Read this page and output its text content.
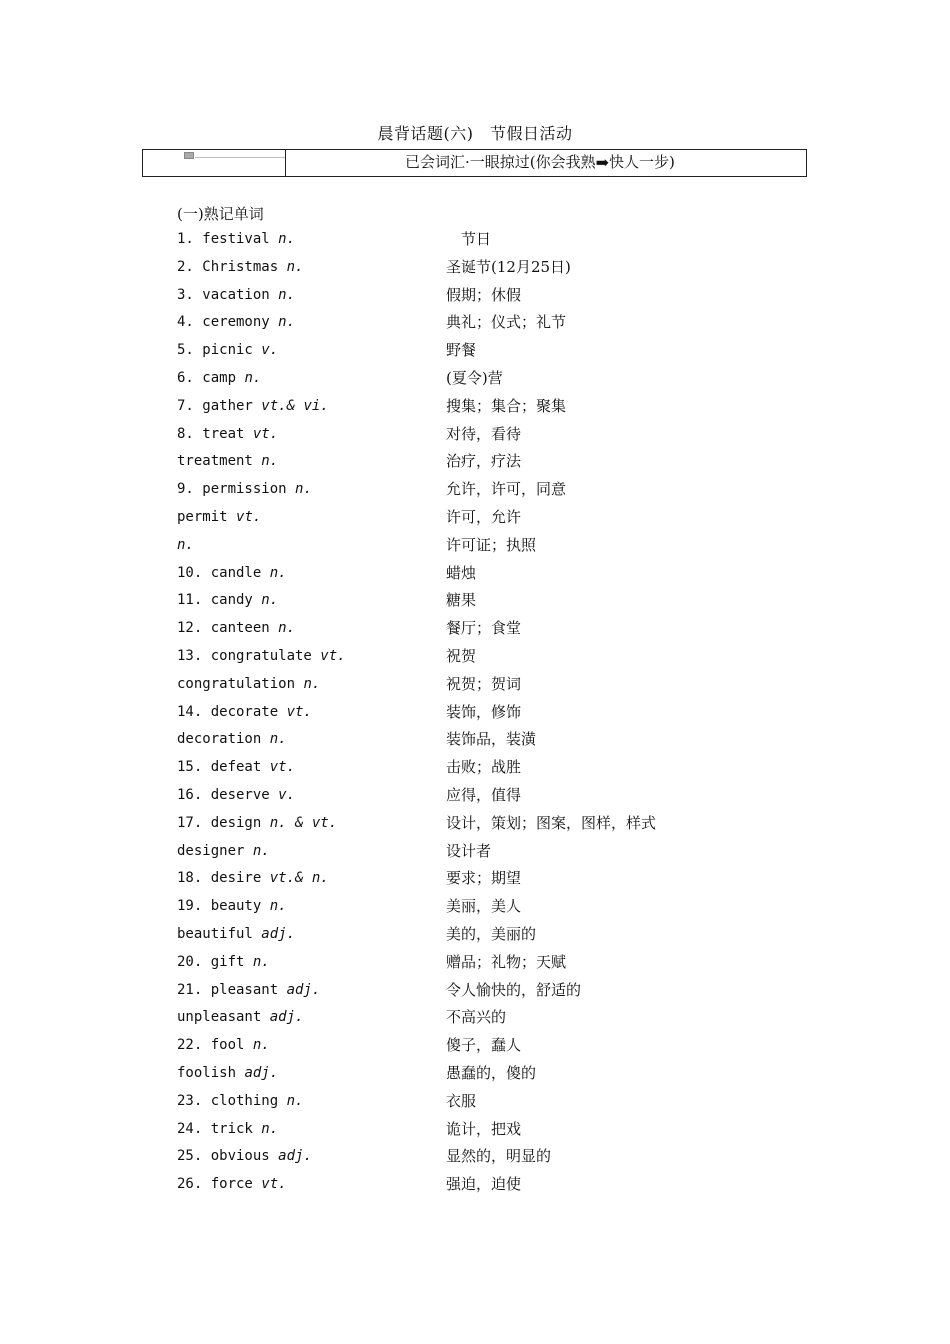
晨背话题(六)　节假日活动
已会词汇·一眼掠过(你会我熟➡快人一步)
(一)熟记单词
1. festival n.	　节日
2. Christmas n.	圣诞节(12月25日)
3. vacation n.	假期；休假
4. ceremony n.	典礼；仪式；礼节
5. picnic v.	野餐
6. camp n.	(夏令)营
7. gather vt.& vi.	搜集；集合；聚集
8. treat vt.	对待，看待
treatment n.	治疗，疗法
9. permission n.	允许，许可，同意
permit vt.	许可，允许
n.	许可证；执照
10. candle n.	蜡烛
11. candy n.	糖果
12. canteen n.	餐厅；食堂
13. congratulate vt.	祝贺
congratulation n.	祝贺；贺词
14. decorate vt.	装饰，修饰
decoration n.	装饰品，装潢
15. defeat vt.	击败；战胜
16. deserve v.	应得，值得
17. design n. & vt.	设计，策划；图案，图样，样式
designer n.	设计者
18. desire vt.& n.	要求；期望
19. beauty n.	美丽，美人
beautiful adj.	美的，美丽的
20. gift n.	赠品；礼物；天赋
21. pleasant adj.	令人愉快的，舒适的
unpleasant adj.	不高兴的
22. fool n.	傻子，蠢人
foolish adj.	愚蠢的，傻的
23. clothing n.	衣服
24. trick n.	诡计，把戏
25. obvious adj.	显然的，明显的
26. force vt.	强迫，迫使
